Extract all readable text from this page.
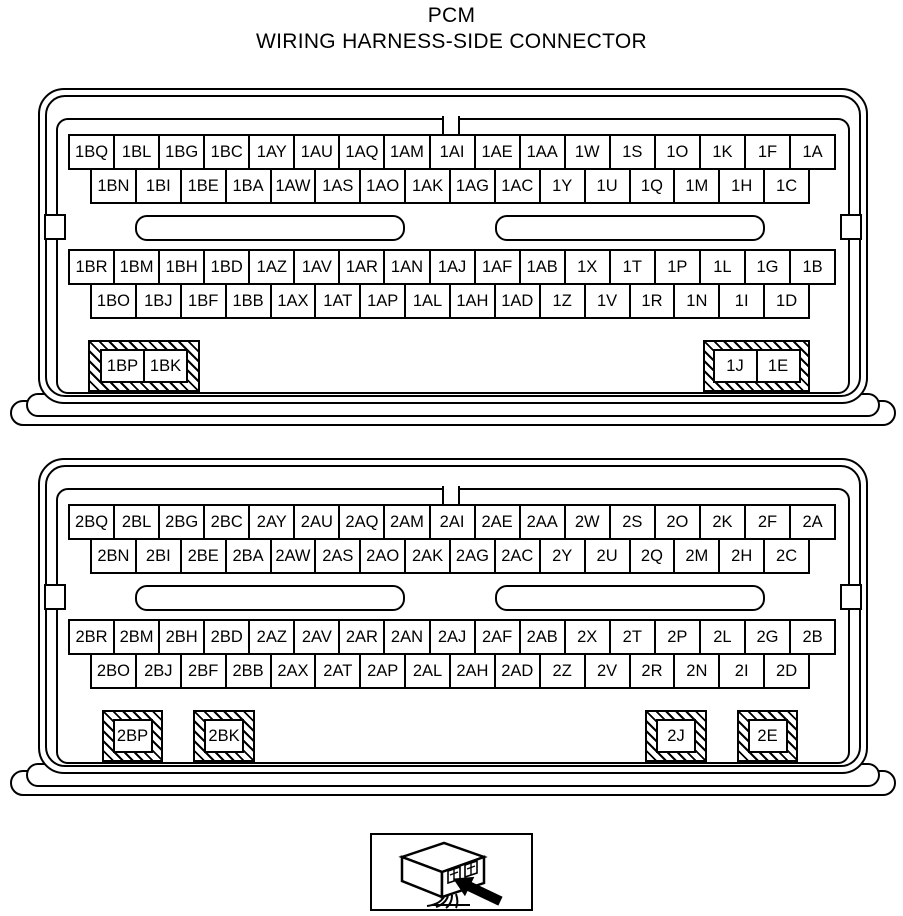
PCM
WIRING HARNESS-SIDE CONNECTOR
1BQ 1BL 1BG 1BC 1AY 1AU 1AQ 1AM 1AI	1AE 1AA	1W	1S	1O	1K	1F	1A
1BN 1BI	1BE 1BA 1AW 1AS 1AO 1AK 1AG 1AC	1Y	1U	1Q	1M	1H	1C
1BR 1BM 1BH 1BD 1AZ 1AV 1AR 1AN 1AJ 1AF 1AB	1X	1T	1P	1L	1G	1B
1BO 1BJ 1BF 1BB 1AX 1AT 1AP 1AL 1AH 1AD	1Z	1V	1R	1N	1I	1D
1BP 1BK	1J	1E
2BQ 2BL 2BG 2BC 2AY 2AU 2AQ 2AM 2AI	2AE 2AA	2W	2S	2O	2K	2F	2A
2BN 2BI	2BE 2BA 2AW 2AS 2AO 2AK 2AG 2AC	2Y	2U	2Q	2M	2H	2C
2BR 2BM 2BH 2BD 2AZ 2AV 2AR 2AN 2AJ 2AF 2AB	2X	2T	2P	2L	2G	2B
2BO 2BJ 2BF 2BB 2AX 2AT 2AP 2AL 2AH 2AD	2Z	2V	2R	2N	2I	2D
2BP	2BK	2J	2E
